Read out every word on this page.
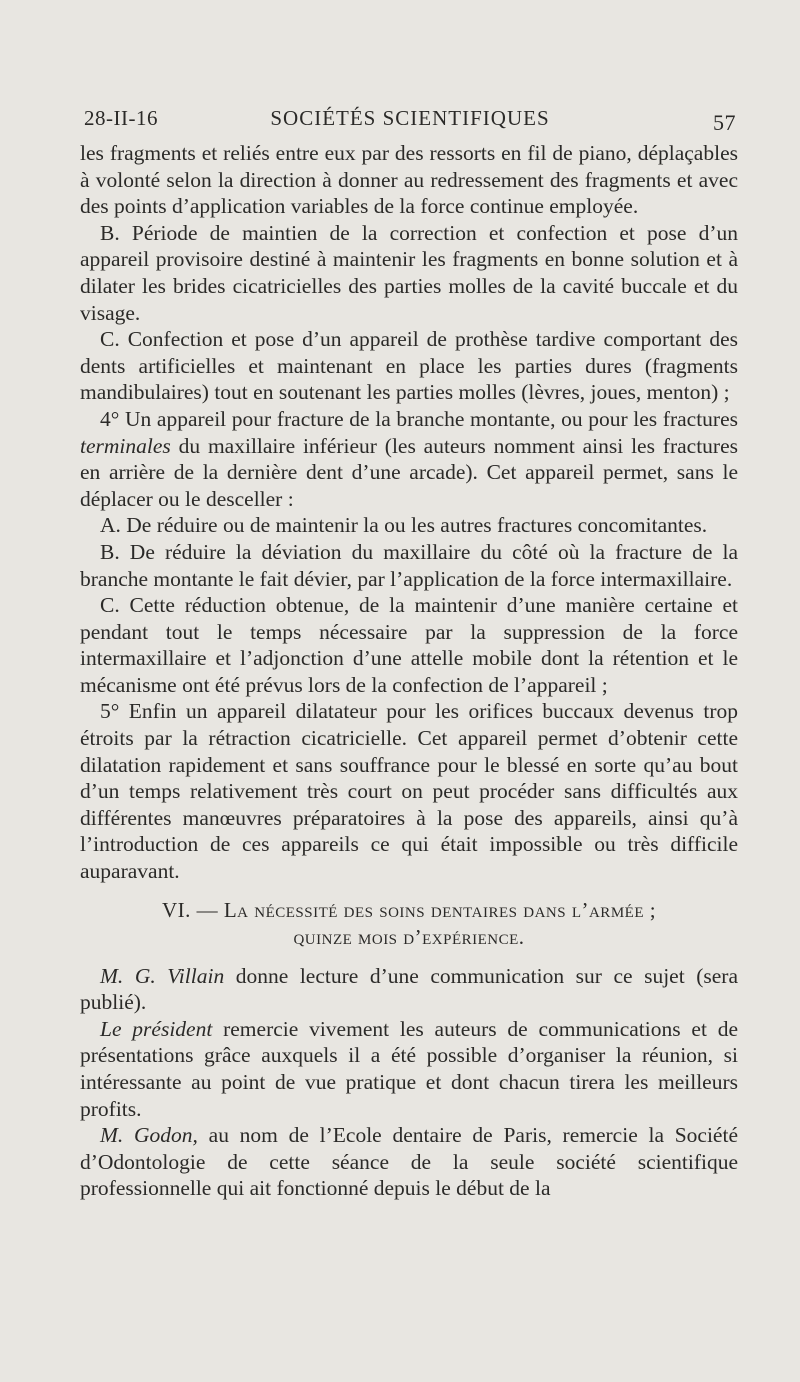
28-II-16	SOCIÉTÉS SCIENTIFIQUES	57

les fragments et reliés entre eux par des ressorts en fil de piano, déplaçables à volonté selon la direction à donner au redressement des fragments et avec des points d’application variables de la force continue employée.

B. Période de maintien de la correction et confection et pose d’un appareil provisoire destiné à maintenir les fragments en bonne solution et à dilater les brides cicatricielles des parties molles de la cavité buccale et du visage.

C. Confection et pose d’un appareil de prothèse tardive comportant des dents artificielles et maintenant en place les parties dures (fragments mandibulaires) tout en soutenant les parties molles (lèvres, joues, menton) ;

4° Un appareil pour fracture de la branche montante, ou pour les fractures terminales du maxillaire inférieur (les auteurs nomment ainsi les fractures en arrière de la dernière dent d’une arcade). Cet appareil permet, sans le déplacer ou le desceller :

A. De réduire ou de maintenir la ou les autres fractures concomitantes.

B. De réduire la déviation du maxillaire du côté où la fracture de la branche montante le fait dévier, par l’application de la force intermaxillaire.

C. Cette réduction obtenue, de la maintenir d’une manière certaine et pendant tout le temps nécessaire par la suppression de la force intermaxillaire et l’adjonction d’une attelle mobile dont la rétention et le mécanisme ont été prévus lors de la confection de l’appareil ;

5° Enfin un appareil dilatateur pour les orifices buccaux devenus trop étroits par la rétraction cicatricielle. Cet appareil permet d’obtenir cette dilatation rapidement et sans souffrance pour le blessé en sorte qu’au bout d’un temps relativement très court on peut procéder sans difficultés aux différentes manœuvres préparatoires à la pose des appareils, ainsi qu’à l’introduction de ces appareils ce qui était impossible ou très difficile auparavant.

VI. — La nécessité des soins dentaires dans l’armée ;
quinze mois d’expérience.

M. G. Villain donne lecture d’une communication sur ce sujet (sera publié).

Le président remercie vivement les auteurs de communications et de présentations grâce auxquels il a été possible d’organiser la réunion, si intéressante au point de vue pratique et dont chacun tirera les meilleurs profits.

M. Godon, au nom de l’Ecole dentaire de Paris, remercie la Société d’Odontologie de cette séance de la seule société scientifique professionnelle qui ait fonctionné depuis le début de la
